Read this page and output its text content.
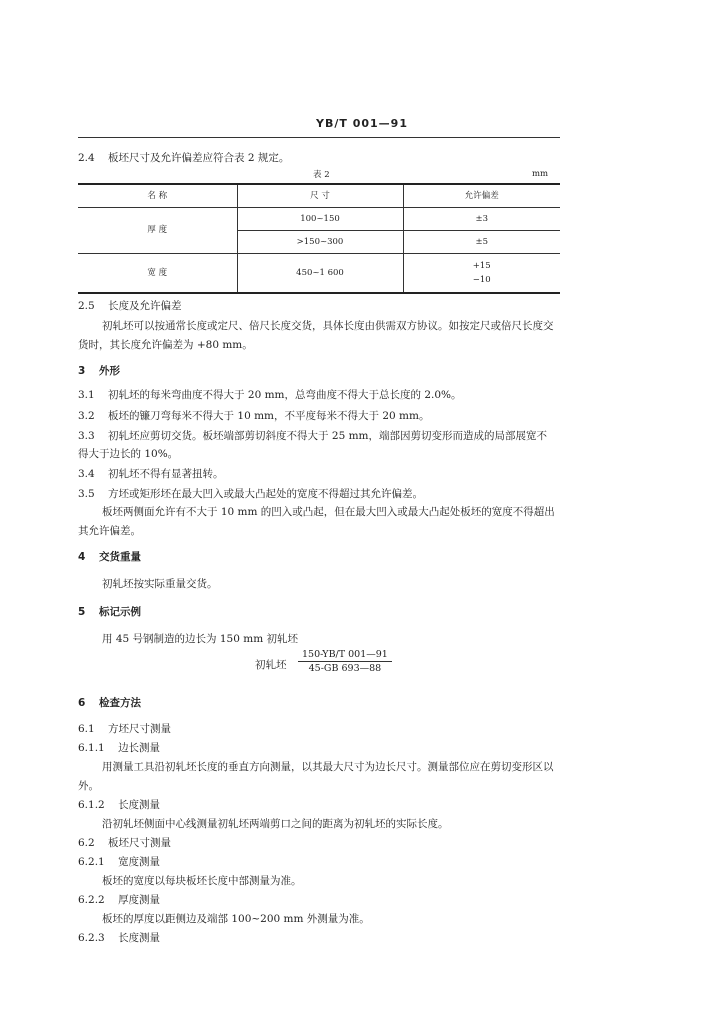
YB/T 001—91
2.4 板坯尺寸及允许偏差应符合表 2 规定。
表 2	mm
名 称	尺 寸	允许偏差
厚 度	100~150	±3
	>150~300	±5
宽 度	450~1 600	+15
−10
2.5 长度及允许偏差
初轧坯可以按通常长度或定尺、倍尺长度交货，具体长度由供需双方协议。如按定尺或倍尺长度交
货时，其长度允许偏差为 +80 mm。
3 外形
3.1 初轧坯的每米弯曲度不得大于 20 mm，总弯曲度不得大于总长度的 2.0%。
3.2 板坯的镰刀弯每米不得大于 10 mm，不平度每米不得大于 20 mm。
3.3 初轧坯应剪切交货。板坯端部剪切斜度不得大于 25 mm，端部因剪切变形而造成的局部展宽不
得大于边长的 10%。
3.4 初轧坯不得有显著扭转。
3.5 方坯或矩形坯在最大凹入或最大凸起处的宽度不得超过其允许偏差。
板坯两侧面允许有不大于 10 mm 的凹入或凸起，但在最大凹入或最大凸起处板坯的宽度不得超出
其允许偏差。
4 交货重量
初轧坯按实际重量交货。
5 标记示例
用 45 号钢制造的边长为 150 mm 初轧坯
初轧坯 $\frac{150-YB/T 001—91}{45-GB 693—88}$
6 检查方法
6.1 方坯尺寸测量
6.1.1 边长测量
用测量工具沿初轧坯长度的垂直方向测量，以其最大尺寸为边长尺寸。测量部位应在剪切变形区以
外。
6.1.2 长度测量
沿初轧坯侧面中心线测量初轧坯两端剪口之间的距离为初轧坯的实际长度。
6.2 板坯尺寸测量
6.2.1 宽度测量
板坯的宽度以每块板坯长度中部测量为准。
6.2.2 厚度测量
板坯的厚度以距侧边及端部 100~200 mm 外测量为准。
6.2.3 长度测量
